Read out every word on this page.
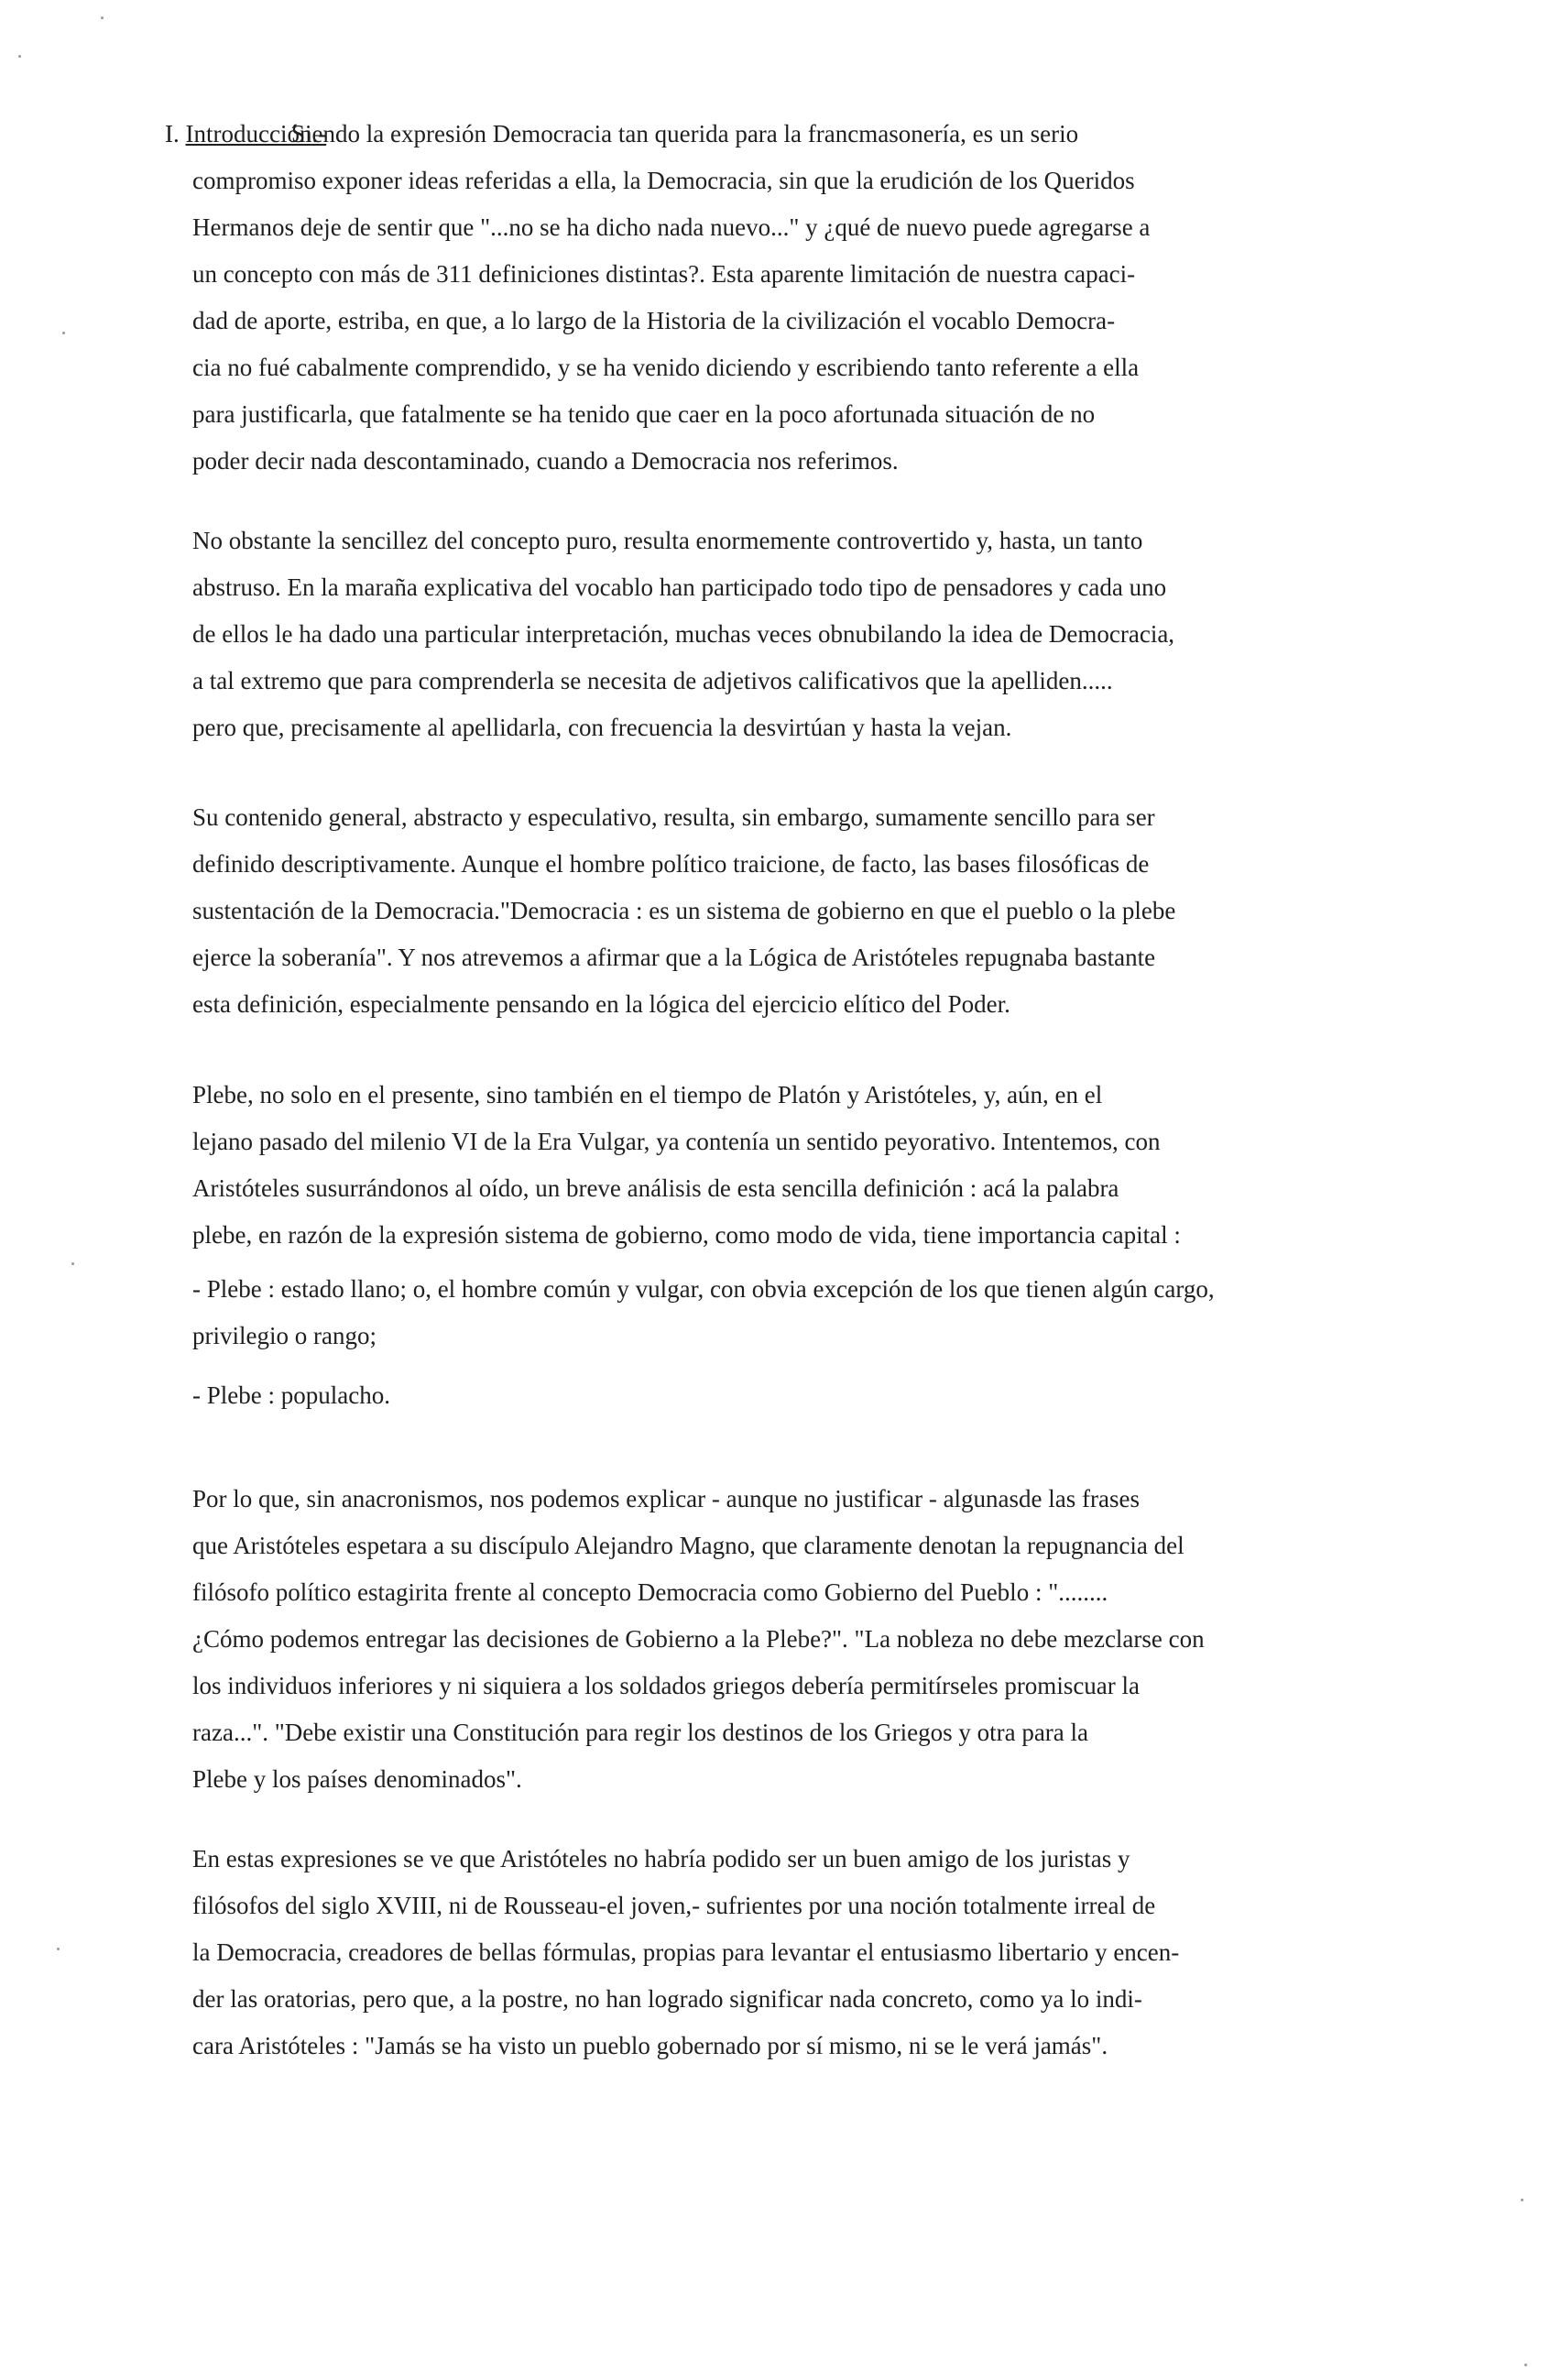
I. Introducción.-
Siendo la expresión Democracia tan querida para la francmasonería, es un serio
compromiso exponer ideas referidas a ella, la Democracia, sin que la erudición de los Queridos
Hermanos deje de sentir que "...no se ha dicho nada nuevo..." y ¿qué de nuevo puede agregarse a
un concepto con más de 311 definiciones distintas?. Esta aparente limitación de nuestra capaci-
dad de aporte, estriba, en que, a lo largo de la Historia de la civilización el vocablo Democra-
cia no fué cabalmente comprendido, y se ha venido diciendo y escribiendo tanto referente a ella
para justificarla, que fatalmente se ha tenido que caer en la poco afortunada situación de no
poder decir nada descontaminado, cuando a Democracia nos referimos.
No obstante la sencillez del concepto puro, resulta enormemente controvertido y, hasta, un tanto
abstruso. En la maraña explicativa del vocablo han participado todo tipo de pensadores y cada uno
de ellos le ha dado una particular interpretación, muchas veces obnubilando la idea de Democracia,
a tal extremo que para comprenderla se necesita de adjetivos calificativos que la apelliden.....
pero que, precisamente al apellidarla, con frecuencia la desvirtúan y hasta la vejan.
Su contenido general, abstracto y especulativo, resulta, sin embargo, sumamente sencillo para ser
definido descriptivamente. Aunque el hombre político traicione, de facto, las bases filosóficas de
sustentación de la Democracia."Democracia : es un sistema de gobierno en que el pueblo o la plebe
ejerce la soberanía". Y nos atrevemos a afirmar que a la Lógica de Aristóteles repugnaba bastante
esta definición, especialmente pensando en la lógica del ejercicio elítico del Poder.
Plebe, no solo en el presente, sino también en el tiempo de Platón y Aristóteles, y, aún, en el
lejano pasado del milenio VI de la Era Vulgar, ya contenía un sentido peyorativo. Intentemos, con
Aristóteles susurrándonos al oído, un breve análisis de esta sencilla definición : acá la palabra
plebe, en razón de la expresión sistema de gobierno, como modo de vida, tiene importancia capital :
- Plebe : estado llano; o, el hombre común y vulgar, con obvia excepción de los que tienen algún cargo,
privilegio o rango;
- Plebe : populacho.
Por lo que, sin anacronismos, nos podemos explicar - aunque no justificar - algunasde las frases
que Aristóteles espetara a su discípulo Alejandro Magno, que claramente denotan la repugnancia del
filósofo político estagirita frente al concepto Democracia como Gobierno del Pueblo : "........
¿Cómo podemos entregar las decisiones de Gobierno a la Plebe?". "La nobleza no debe mezclarse con
los individuos inferiores y ni siquiera a los soldados griegos debería permitírseles promiscuar la
raza...". "Debe existir una Constitución para regir los destinos de los Griegos y otra para la
Plebe y los países denominados".
En estas expresiones se ve que Aristóteles no habría podido ser un buen amigo de los juristas y
filósofos del siglo XVIII, ni de Rousseau-el joven,- sufrientes por una noción totalmente irreal de
la Democracia, creadores de bellas fórmulas, propias para levantar el entusiasmo libertario y encen-
der las oratorias, pero que, a la postre, no han logrado significar nada concreto, como ya lo indi-
cara Aristóteles : "Jamás se ha visto un pueblo gobernado por sí mismo, ni se le verá jamás".
